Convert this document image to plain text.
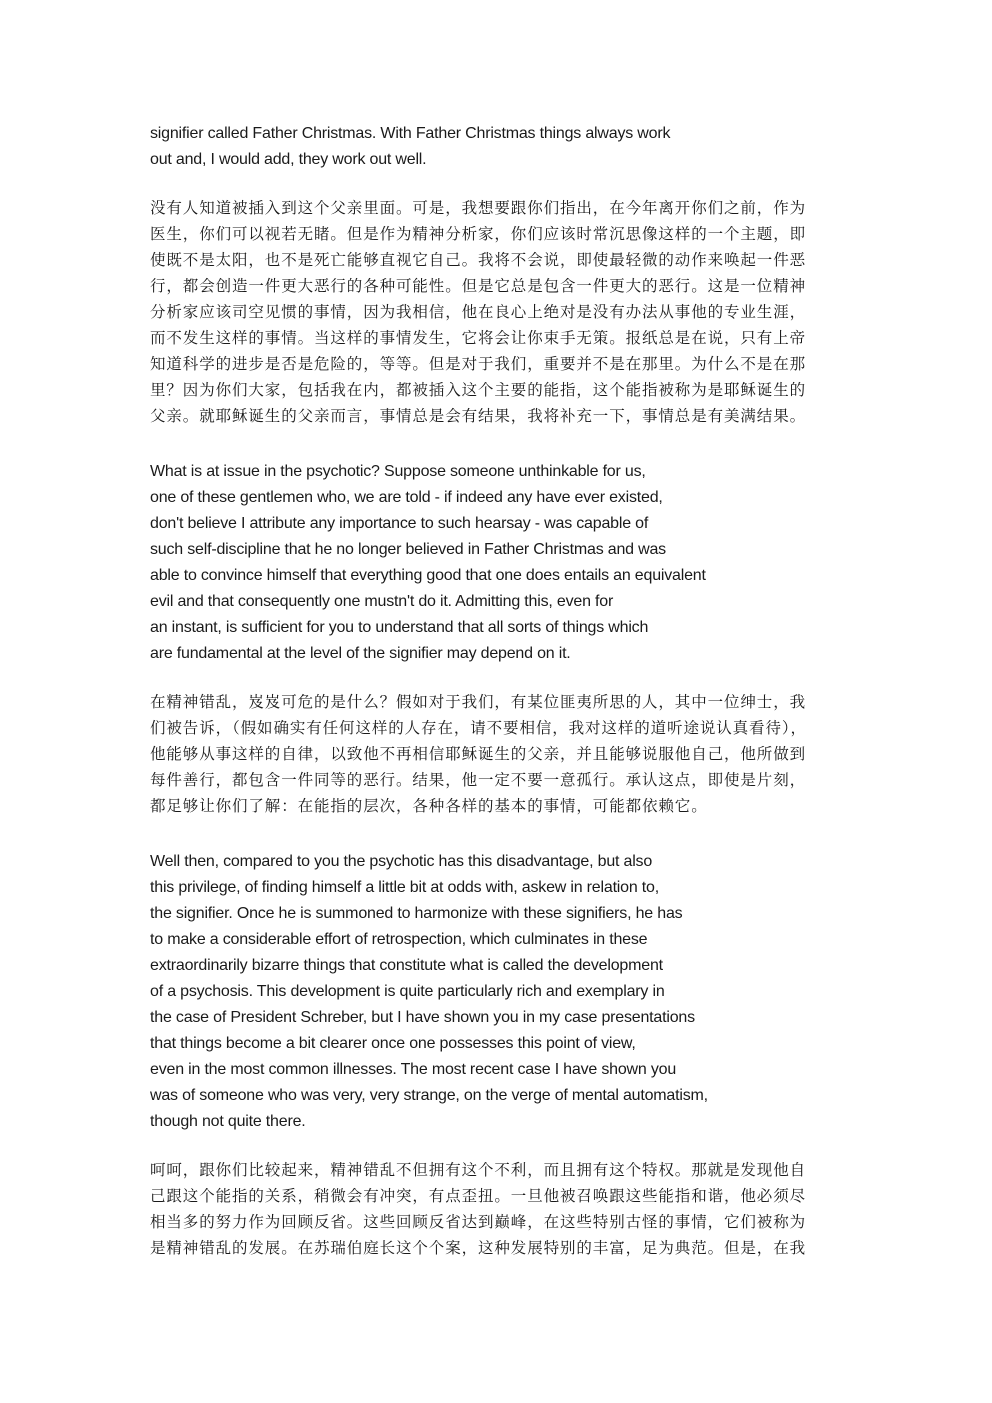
signifier called Father Christmas. With Father Christmas things always work
out and, I would add, they work out well.
没有人知道被插入到这个父亲里面。可是，我想要跟你们指出，在今年离开你们之前，作为
医生，你们可以视若无睹。但是作为精神分析家，你们应该时常沉思像这样的一个主题，即
使既不是太阳，也不是死亡能够直视它自己。我将不会说，即使最轻微的动作来唤起一件恶
行，都会创造一件更大恶行的各种可能性。但是它总是包含一件更大的恶行。这是一位精神
分析家应该司空见惯的事情，因为我相信，他在良心上绝对是没有办法从事他的专业生涯，
而不发生这样的事情。当这样的事情发生，它将会让你束手无策。报纸总是在说，只有上帝
知道科学的进步是否是危险的，等等。但是对于我们，重要并不是在那里。为什么不是在那
里？因为你们大家，包括我在内，都被插入这个主要的能指，这个能指被称为是耶稣诞生的
父亲。就耶稣诞生的父亲而言，事情总是会有结果，我将补充一下，事情总是有美满结果。
What is at issue in the psychotic? Suppose someone unthinkable for us,
one of these gentlemen who, we are told - if indeed any have ever existed,
don't believe I attribute any importance to such hearsay - was capable of
such self-discipline that he no longer believed in Father Christmas and was
able to convince himself that everything good that one does entails an equivalent
evil and that consequently one mustn't do it. Admitting this, even for
an instant, is sufficient for you to understand that all sorts of things which
are fundamental at the level of the signifier may depend on it.
在精神错乱，岌岌可危的是什么？假如对于我们，有某位匪夷所思的人，其中一位绅士，我
们被告诉，（假如确实有任何这样的人存在，请不要相信，我对这样的道听途说认真看待），
他能够从事这样的自律，以致他不再相信耶稣诞生的父亲，并且能够说服他自己，他所做到
每件善行，都包含一件同等的恶行。结果，他一定不要一意孤行。承认这点，即使是片刻，
都足够让你们了解：在能指的层次，各种各样的基本的事情，可能都依赖它。
Well then, compared to you the psychotic has this disadvantage, but also
this privilege, of finding himself a little bit at odds with, askew in relation to,
the signifier. Once he is summoned to harmonize with these signifiers, he has
to make a considerable effort of retrospection, which culminates in these
extraordinarily bizarre things that constitute what is called the development
of a psychosis. This development is quite particularly rich and exemplary in
the case of President Schreber, but I have shown you in my case presentations
that things become a bit clearer once one possesses this point of view,
even in the most common illnesses. The most recent case I have shown you
was of someone who was very, very strange, on the verge of mental automatism,
though not quite there.
呵呵，跟你们比较起来，精神错乱不但拥有这个不利，而且拥有这个特权。那就是发现他自
己跟这个能指的关系，稍微会有冲突，有点歪扭。一旦他被召唤跟这些能指和谐，他必须尽
相当多的努力作为回顾反省。这些回顾反省达到巅峰，在这些特别古怪的事情，它们被称为
是精神错乱的发展。在苏瑞伯庭长这个个案，这种发展特别的丰富，足为典范。但是，在我
